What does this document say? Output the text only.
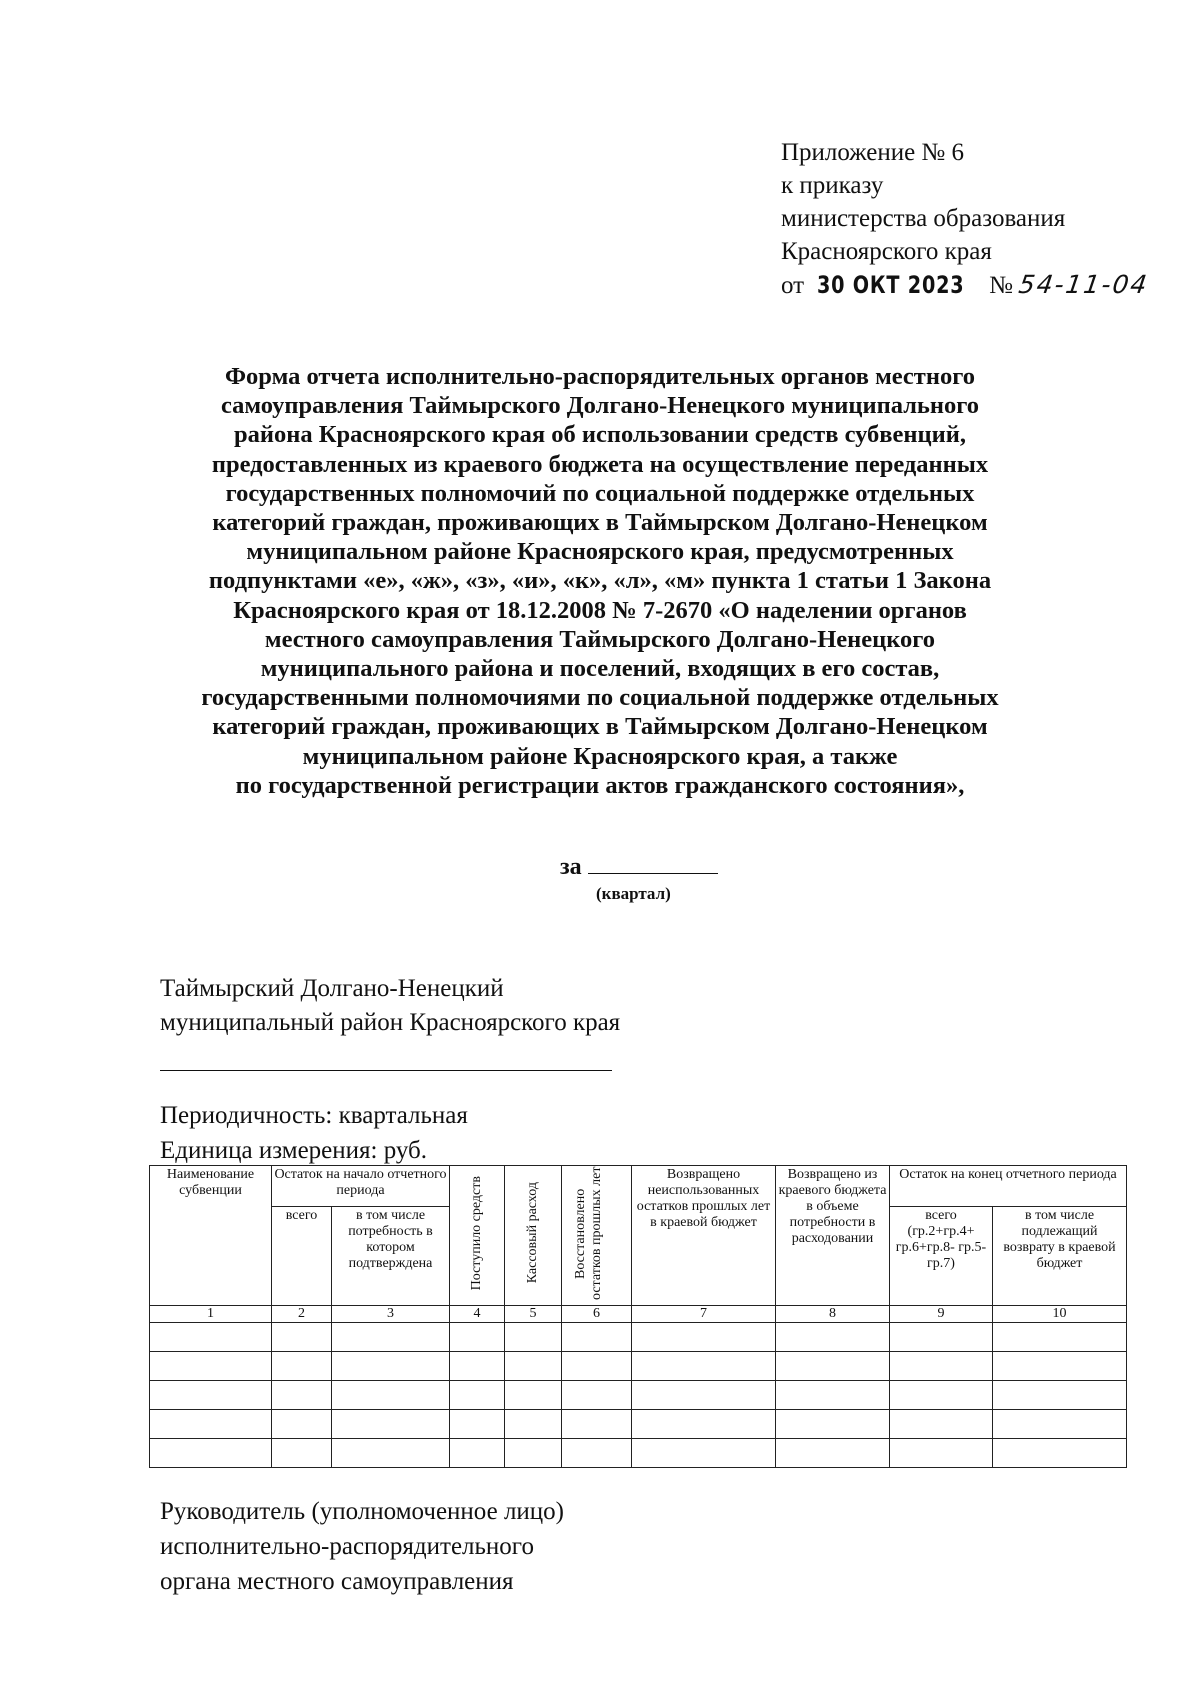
Приложение № 6
к приказу
министерства образования
Красноярского края
от 30 ОКТ 2023 № 54-11-04
Форма отчета исполнительно-распорядительных органов местного
самоуправления Таймырского Долгано-Ненецкого муниципального
района Красноярского края об использовании средств субвенций,
предоставленных из краевого бюджета на осуществление переданных
государственных полномочий по социальной поддержке отдельных
категорий граждан, проживающих в Таймырском Долгано-Ненецком
муниципальном районе Красноярского края, предусмотренных
подпунктами «е», «ж», «з», «и», «к», «л», «м» пункта 1 статьи 1 Закона
Красноярского края от 18.12.2008 № 7-2670 «О наделении органов
местного самоуправления Таймырского Долгано-Ненецкого
муниципального района и поселений, входящих в его состав,
государственными полномочиями по социальной поддержке отдельных
категорий граждан, проживающих в Таймырском Долгано-Ненецком
муниципальном районе Красноярского края, а также
по государственной регистрации актов гражданского состояния»,
за
(квартал)
Таймырский Долгано-Ненецкий
муниципальный район Красноярского края
Периодичность: квартальная
Единица измерения: руб.
Наименование субвенции	Остаток на начало отчетного периода		Поступило средств	Кассовый расход	Восстановлено остатков прошлых лет	Возвращено неиспользованных остатков прошлых лет в краевой бюджет	Возвращено из краевого бюджета в объеме потребности в расходовании	Остаток на конец отчетного периода	
	всего	в том числе потребность в котором подтверждена						всего (гр.2+гр.4+ гр.6+гр.8- гр.5-гр.7)	в том числе подлежащий возврату в краевой бюджет
1	2	3	4	5	6	7	8	9	10

Руководитель (уполномоченное лицо)
исполнительно-распорядительного
органа местного самоуправления
